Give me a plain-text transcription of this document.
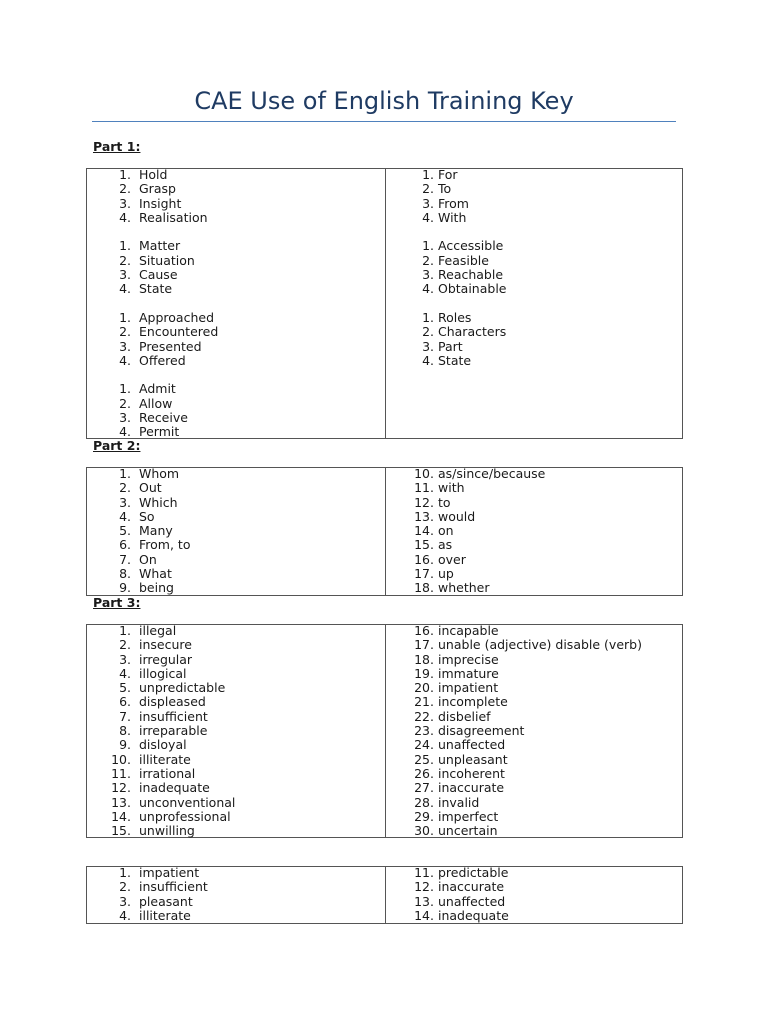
CAE Use of English Training Key

Part 1:

1. Hold
2. Grasp
3. Insight
4. Realisation
1. Matter
2. Situation
3. Cause
4. State
1. Approached
2. Encountered
3. Presented
4. Offered
1. Admit
2. Allow
3. Receive
4. Permit
1. For
2. To
3. From
4. With
1. Accessible
2. Feasible
3. Reachable
4. Obtainable
1. Roles
2. Characters
3. Part
4. State

Part 2:

1. Whom
2. Out
3. Which
4. So
5. Many
6. From, to
7. On
8. What
9. being
10. as/since/because
11. with
12. to
13. would
14. on
15. as
16. over
17. up
18. whether

Part 3:

1. illegal
2. insecure
3. irregular
4. illogical
5. unpredictable
6. displeased
7. insufficient
8. irreparable
9. disloyal
10. illiterate
11. irrational
12. inadequate
13. unconventional
14. unprofessional
15. unwilling
16. incapable
17. unable (adjective) disable (verb)
18. imprecise
19. immature
20. impatient
21. incomplete
22. disbelief
23. disagreement
24. unaffected
25. unpleasant
26. incoherent
27. inaccurate
28. invalid
29. imperfect
30. uncertain
1. impatient
2. insufficient
3. pleasant
4. illiterate
11. predictable
12. inaccurate
13. unaffected
14. inadequate
